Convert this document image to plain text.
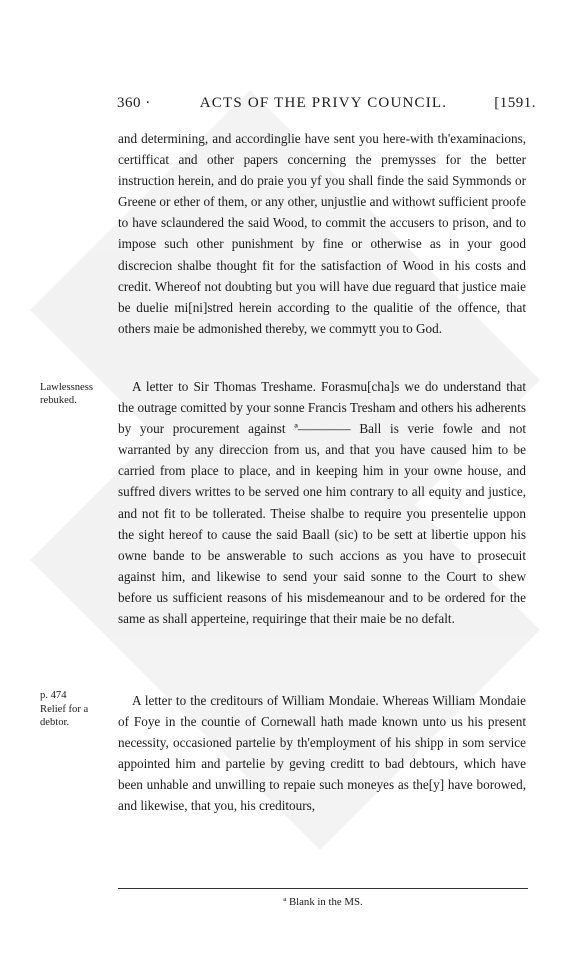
360 ·	ACTS OF THE PRIVY COUNCIL.	[1591.

and determining, and accordinglie have sent you here-with th'examinacions, certifficat and other papers concerning the premysses for the better instruction herein, and do praie you yf you shall finde the said Symmonds or Greene or ether of them, or any other, unjustlie and withowt sufficient proofe to have sclaundered the said Wood, to commit the accusers to prison, and to impose such other punishment by fine or otherwise as in your good discrecion shalbe thought fit for the satisfaction of Wood in his costs and credit. Whereof not doubting but you will have due reguard that justice maie be duelie mi[ni]stred herein according to the qualitie of the offence, that others maie be admonished thereby, we commytt you to God.

Lawlessness rebuked.

A letter to Sir Thomas Treshame. Forasmu[cha]s we do understand that the outrage comitted by your sonne Francis Tresham and others his adherents by your procurement against ª———— Ball is verie fowle and not warranted by any direccion from us, and that you have caused him to be carried from place to place, and in keeping him in your owne house, and suffred divers writtes to be served one him contrary to all equity and justice, and not fit to be tollerated. Theise shalbe to require you presentelie uppon the sight hereof to cause the said Baall (sic) to be sett at libertie uppon his owne bande to be answerable to such accions as you have to prosecuit against him, and likewise to send your said sonne to the Court to shew before us sufficient reasons of his misdemeanour and to be ordered for the same as shall apperteine, requiringe that their maie be no defalt.

p. 474
Relief for a debtor.

A letter to the creditours of William Mondaie. Whereas William Mondaie of Foye in the countie of Cornewall hath made known unto us his present necessity, occasioned partelie by th'employment of his shipp in som service appointed him and partelie by geving creditt to bad debtours, which have been unhable and unwilling to repaie such moneyes as the[y] have borowed, and likewise, that you, his creditours,

ª Blank in the MS.
